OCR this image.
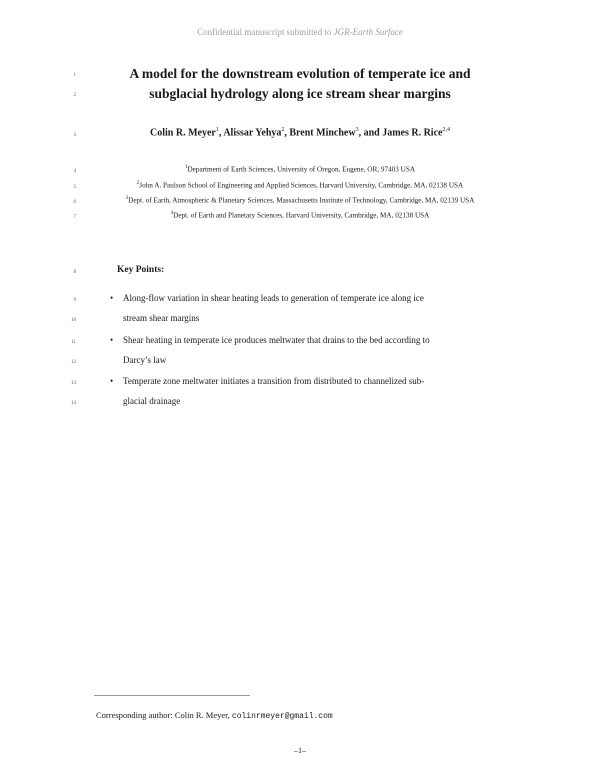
Confidential manuscript submitted to JGR-Earth Surface
1
2
3
4
5
6
7
8
9
10
11
12
13
14
A model for the downstream evolution of temperate ice and
subglacial hydrology along ice stream shear margins
Colin R. Meyer$^1$, Alissar Yehya$^2$, Brent Minchew$^3$, and James R. Rice$^{2,4}$
$^1$Department of Earth Sciences, University of Oregon, Eugene, OR, 97403 USA
$^2$John A. Paulson School of Engineering and Applied Sciences, Harvard University, Cambridge, MA, 02138 USA
$^3$Dept. of Earth, Atmospheric & Planetary Sciences, Massachusetts Institute of Technology, Cambridge, MA, 02139 USA
$^4$Dept. of Earth and Planetary Sciences, Harvard University, Cambridge, MA, 02138 USA
Key Points:
• Along-flow variation in shear heating leads to generation of temperate ice along ice
stream shear margins
• Shear heating in temperate ice produces meltwater that drains to the bed according to
Darcy’s law
• Temperate zone meltwater initiates a transition from distributed to channelized sub-
glacial drainage
Corresponding author: Colin R. Meyer, colinrmeyer@gmail.com
–1–
